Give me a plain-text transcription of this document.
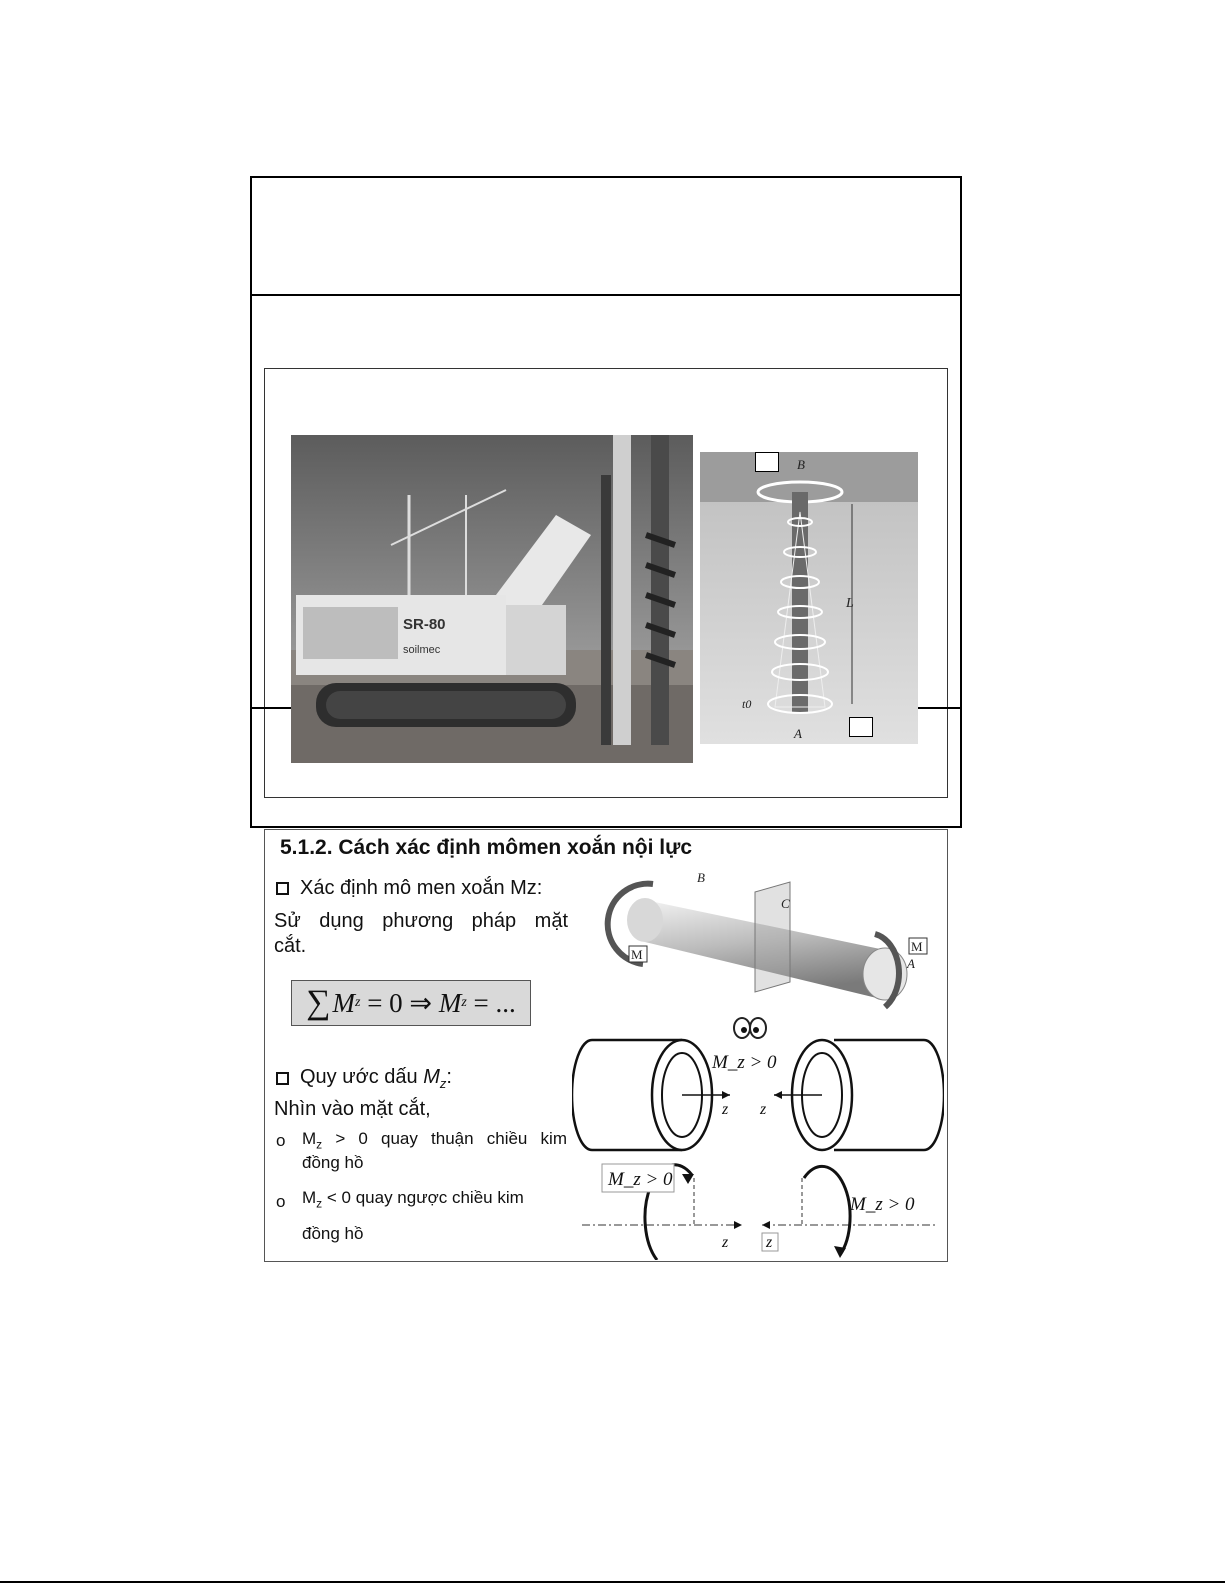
SR-80
soilmec
B
L
t0
A
5.1.2. Cách xác định mômen xoắn nội lực
Xác định mô men xoắn Mz:
Sử dụng phương pháp mặt
cắt.
∑ M z = 0 ⇒ M z = ...
Quy ước dấu $M_z$:
Nhìn vào mặt cắt,
o $M_z > 0$ quay thuận chiều kim
đồng hồ
o $M_z < 0$ quay ngược chiều kim
đồng hồ
B
C
A
M
M
M_z > 0
z z
M_z > 0
M_z > 0
z z
